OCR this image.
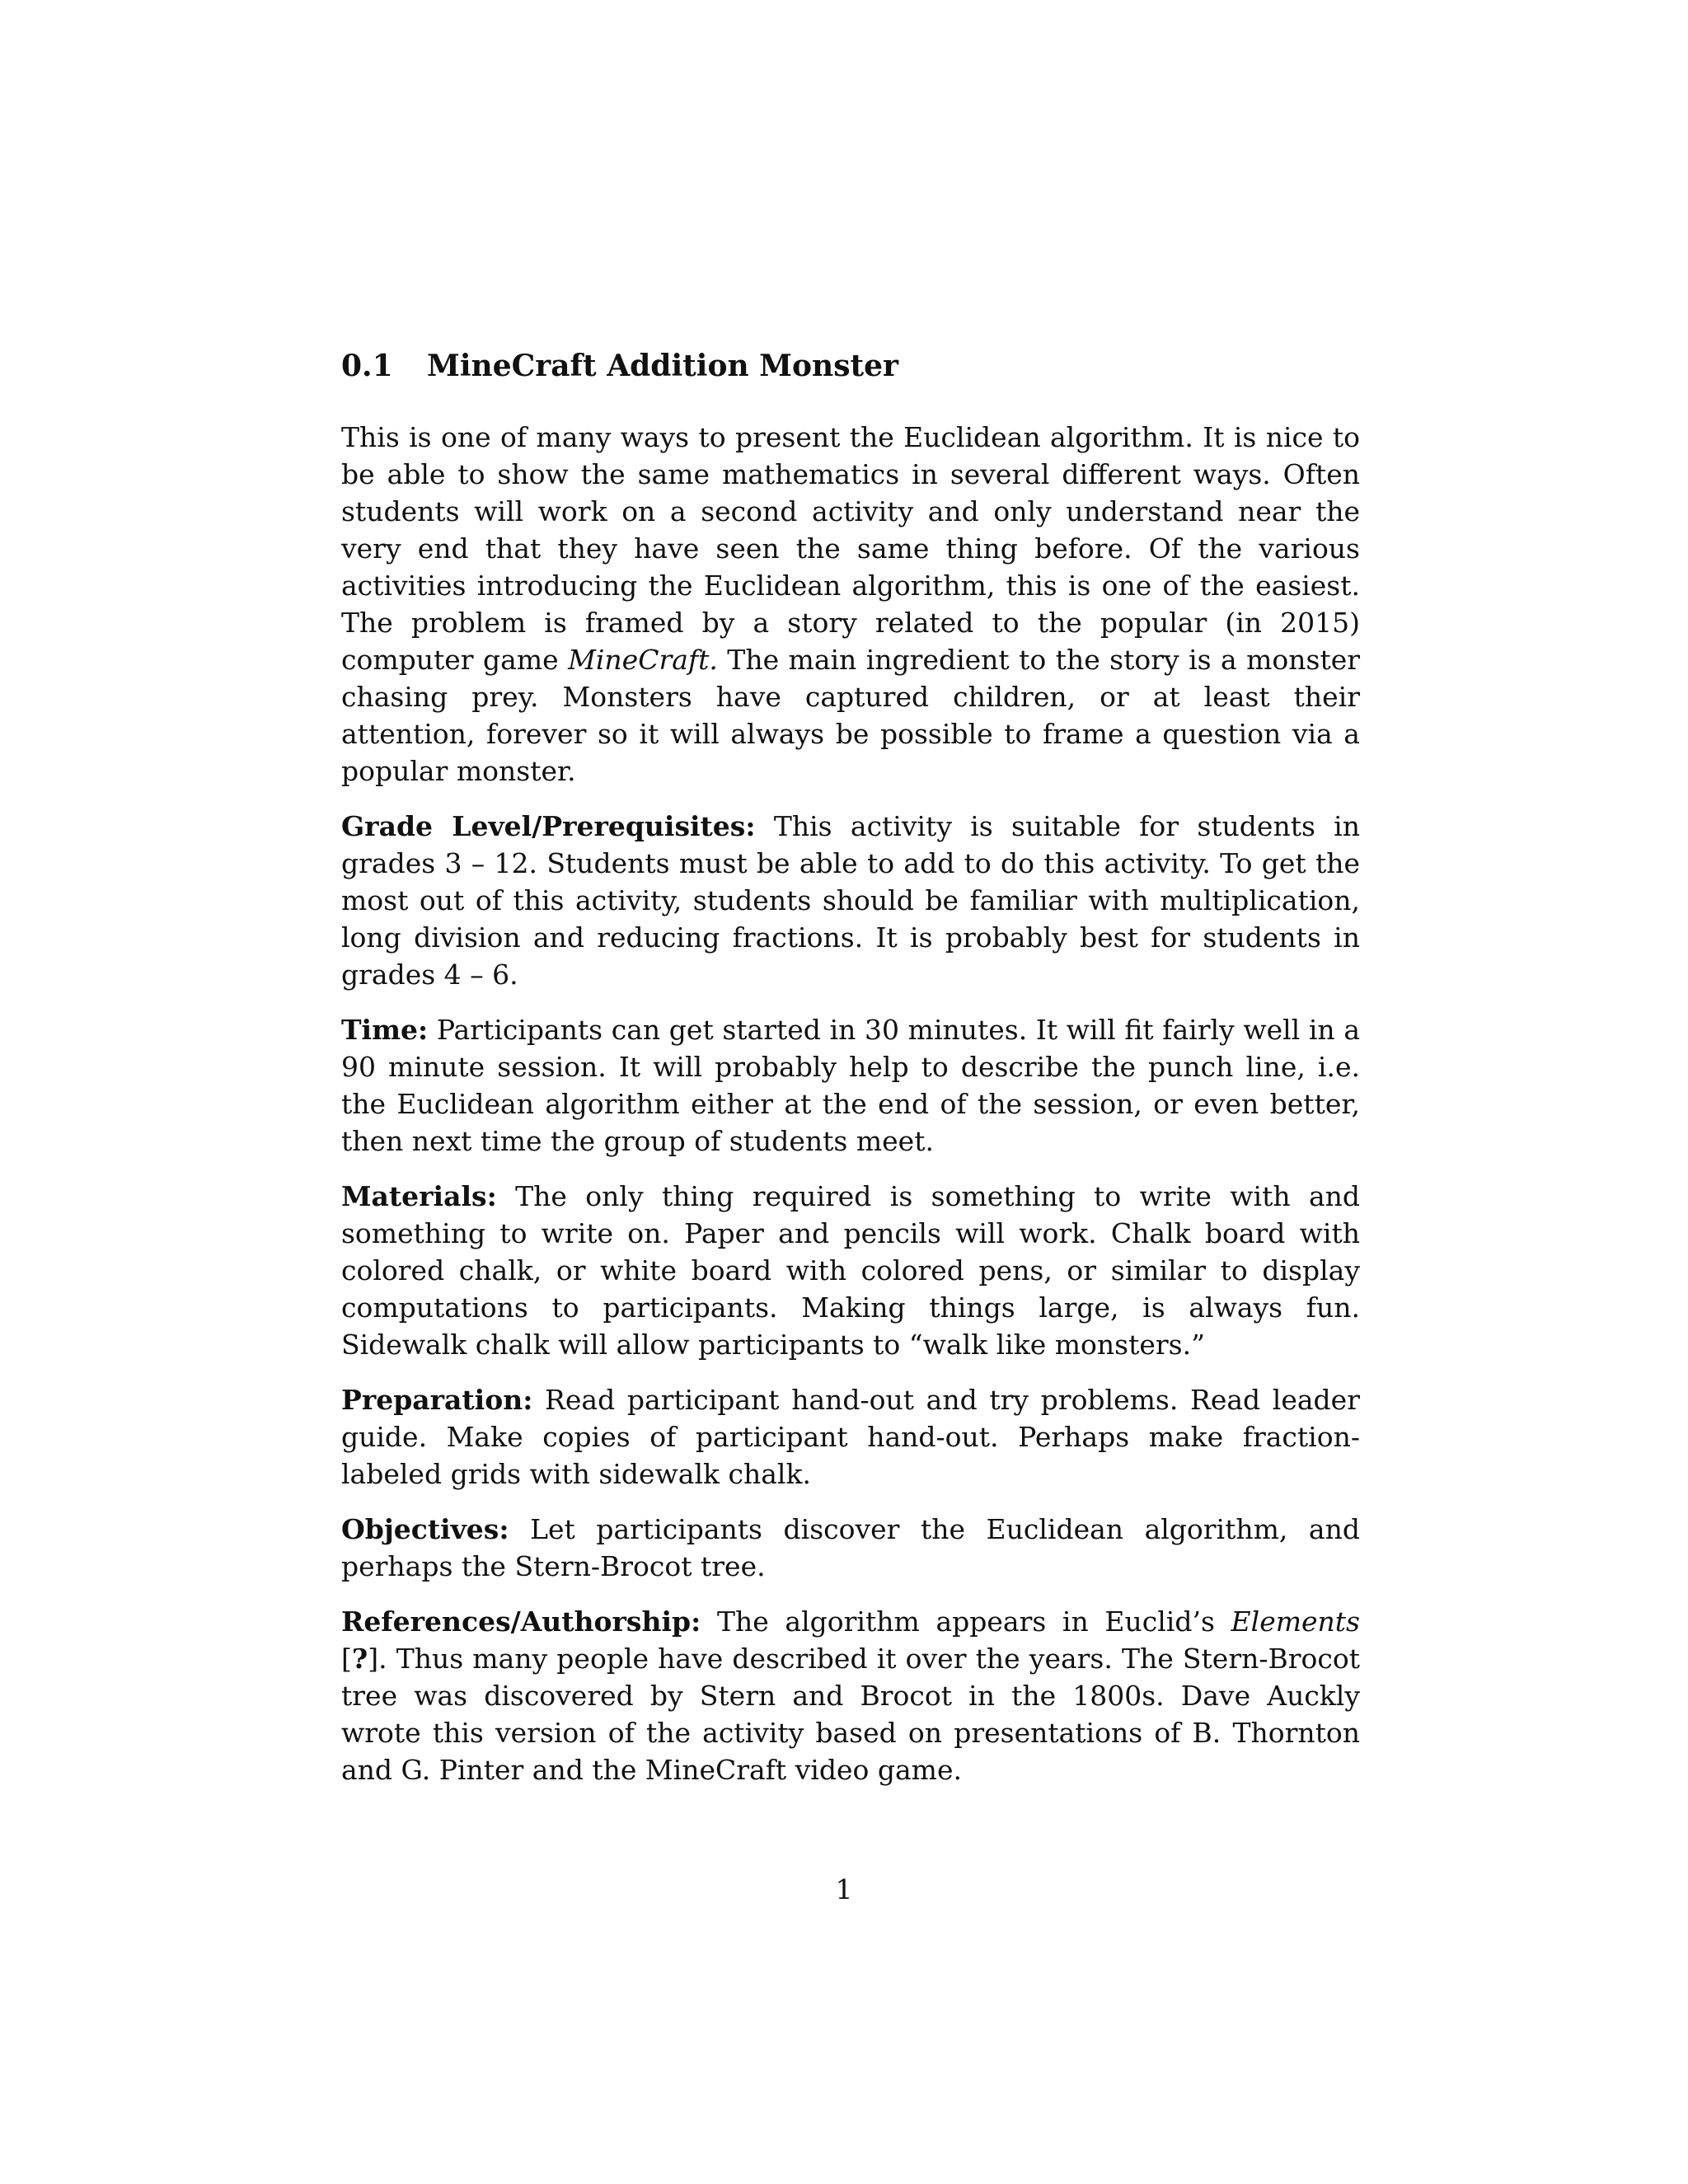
0.1 MineCraft Addition Monster

This is one of many ways to present the Euclidean algorithm. It is nice to be able to show the same mathematics in several different ways. Often students will work on a second activity and only understand near the very end that they have seen the same thing before. Of the various activities introducing the Euclidean algorithm, this is one of the easiest. The problem is framed by a story related to the popular (in 2015) computer game MineCraft. The main ingredient to the story is a monster chasing prey. Monsters have captured children, or at least their attention, forever so it will always be possible to frame a question via a popular monster.

Grade Level/Prerequisites: This activity is suitable for students in grades 3 – 12. Students must be able to add to do this activity. To get the most out of this activity, students should be familiar with multiplication, long division and reducing fractions. It is probably best for students in grades 4 – 6.

Time: Participants can get started in 30 minutes. It will fit fairly well in a 90 minute session. It will probably help to describe the punch line, i.e. the Euclidean algorithm either at the end of the session, or even better, then next time the group of students meet.

Materials: The only thing required is something to write with and something to write on. Paper and pencils will work. Chalk board with colored chalk, or white board with colored pens, or similar to display computations to participants. Making things large, is always fun. Sidewalk chalk will allow participants to “walk like monsters.”

Preparation: Read participant hand-out and try problems. Read leader guide. Make copies of participant hand-out. Perhaps make fraction-labeled grids with sidewalk chalk.

Objectives: Let participants discover the Euclidean algorithm, and perhaps the Stern-Brocot tree.

References/Authorship: The algorithm appears in Euclid’s Elements [?]. Thus many people have described it over the years. The Stern-Brocot tree was discovered by Stern and Brocot in the 1800s. Dave Auckly wrote this version of the activity based on presentations of B. Thornton and G. Pinter and the MineCraft video game.

1
